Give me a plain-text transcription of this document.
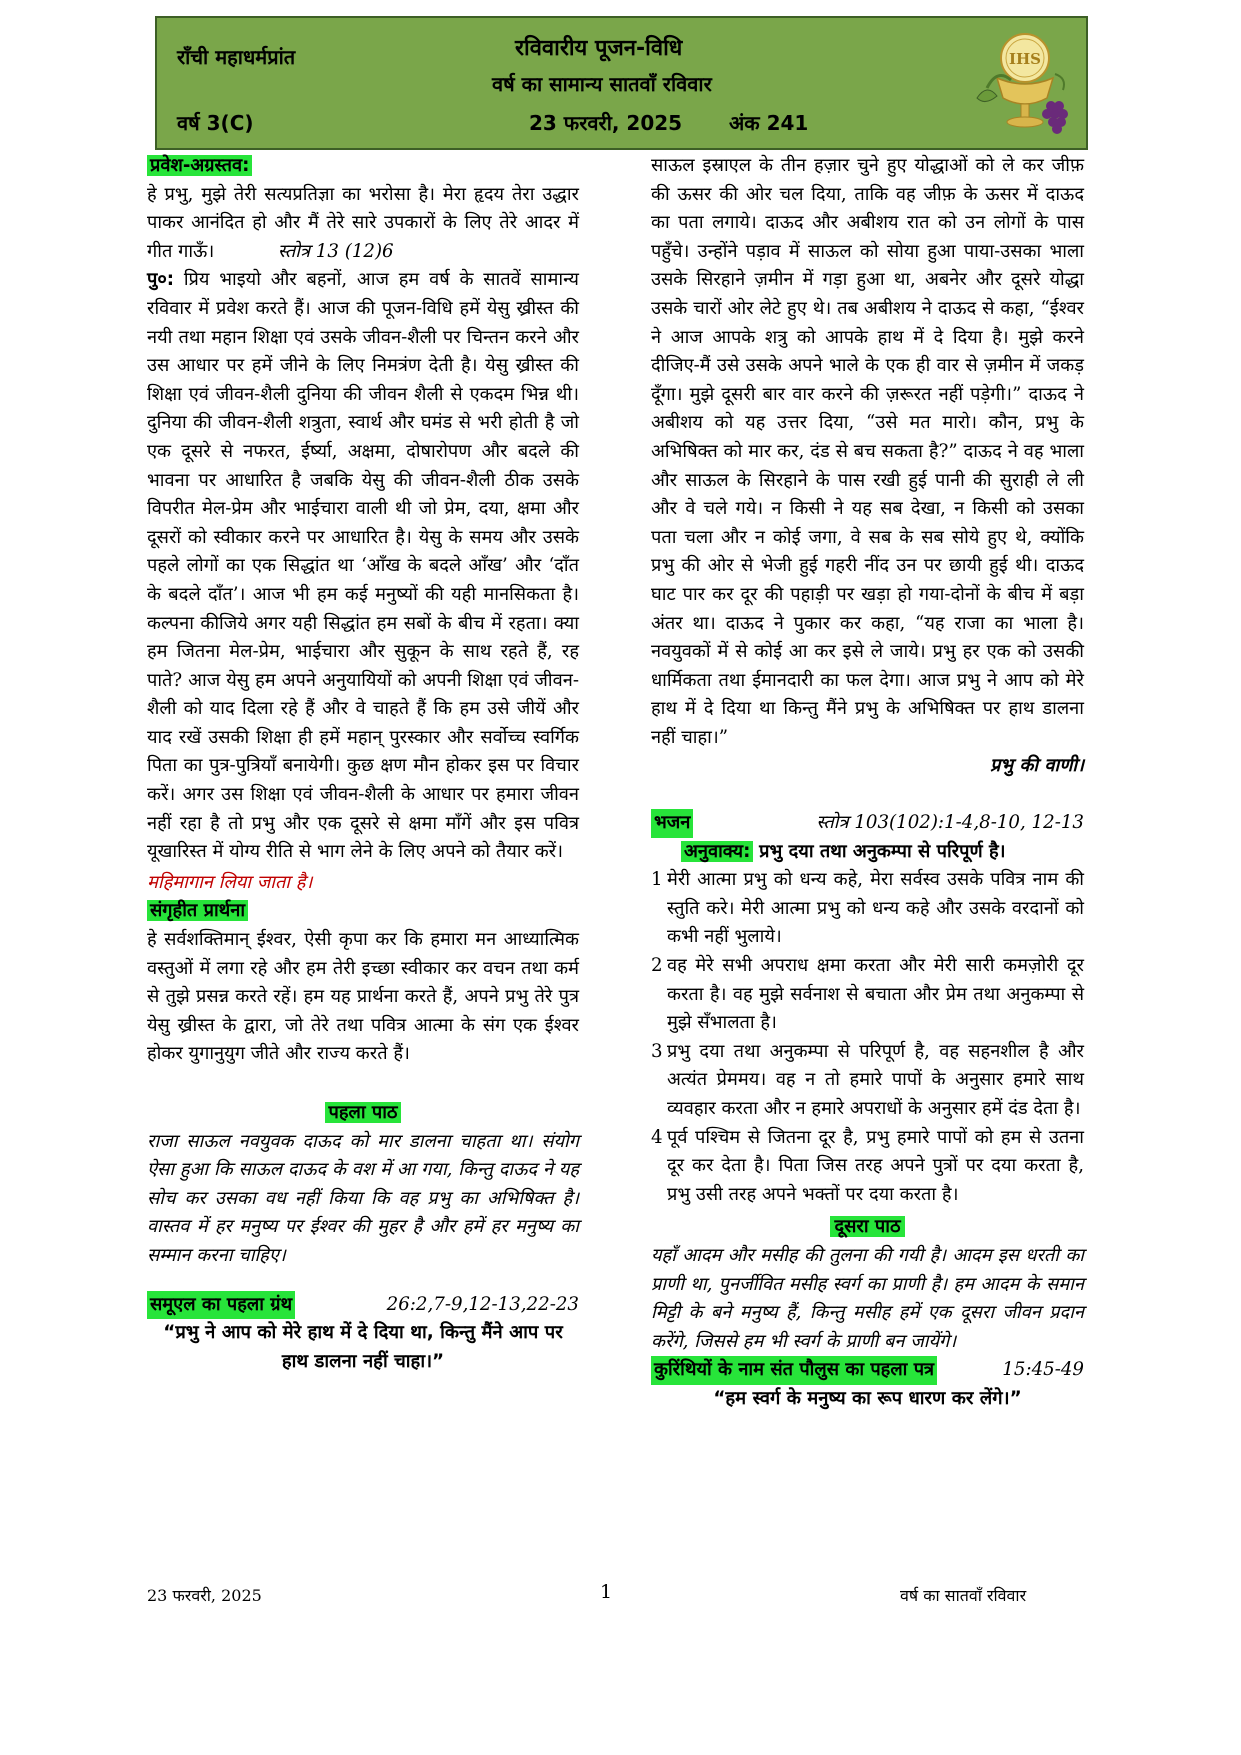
राँची महाधर्मप्रांत	रविवारीय पूजन-विधि
वर्ष का सामान्य सातवाँ रविवार
वर्ष 3(C)	23 फरवरी, 2025 अंक 241
IHS
प्रवेश-अग्रस्तव:

हे प्रभु, मुझे तेरी सत्यप्रतिज्ञा का भरोसा है। मेरा हृदय तेरा उद्धार पाकर आनंदित हो और मैं तेरे सारे उपकारों के लिए तेरे आदर में गीत गाऊँ।	स्तोत्र 13 (12)6

पु०: प्रिय भाइयो और बहनों, आज हम वर्ष के सातवें सामान्य रविवार में प्रवेश करते हैं। आज की पूजन-विधि हमें येसु ख्रीस्त की नयी तथा महान शिक्षा एवं उसके जीवन-शैली पर चिन्तन करने और उस आधार पर हमें जीने के लिए निमत्रंण देती है। येसु ख्रीस्त की शिक्षा एवं जीवन-शैली दुनिया की जीवन शैली से एकदम भिन्न थी। दुनिया की जीवन-शैली शत्रुता, स्वार्थ और घमंड से भरी होती है जो एक दूसरे से नफरत, ईर्ष्या, अक्षमा, दोषारोपण और बदले की भावना पर आधारित है जबकि येसु की जीवन-शैली ठीक उसके विपरीत मेल-प्रेम और भाईचारा वाली थी जो प्रेम, दया, क्षमा और दूसरों को स्वीकार करने पर आधारित है। येसु के समय और उसके पहले लोगों का एक सिद्धांत था ‘आँख के बदले आँख’ और ‘दाँत के बदले दाँत’। आज भी हम कई मनुष्यों की यही मानसिकता है। कल्पना कीजिये अगर यही सिद्धांत हम सबों के बीच में रहता। क्या हम जितना मेल-प्रेम, भाईचारा और सुकून के साथ रहते हैं, रह पाते? आज येसु हम अपने अनुयायियों को अपनी शिक्षा एवं जीवन-शैली को याद दिला रहे हैं और वे चाहते हैं कि हम उसे जीयें और याद रखें उसकी शिक्षा ही हमें महान् पुरस्कार और सर्वोच्च स्वर्गिक पिता का पुत्र-पुत्रियाँ बनायेगी। कुछ क्षण मौन होकर इस पर विचार करें। अगर उस शिक्षा एवं जीवन-शैली के आधार पर हमारा जीवन नहीं रहा है तो प्रभु और एक दूसरे से क्षमा माँगें और इस पवित्र यूखारिस्त में योग्य रीति से भाग लेने के लिए अपने को तैयार करें।

महिमागान लिया जाता है।
संगृहीत प्रार्थना

हे सर्वशक्तिमान् ईश्वर, ऐसी कृपा कर कि हमारा मन आध्यात्मिक वस्तुओं में लगा रहे और हम तेरी इच्छा स्वीकार कर वचन तथा कर्म से तुझे प्रसन्न करते रहें। हम यह प्रार्थना करते हैं, अपने प्रभु तेरे पुत्र येसु ख्रीस्त के द्वारा, जो तेरे तथा पवित्र आत्मा के संग एक ईश्वर होकर युगानुयुग जीते और राज्य करते हैं।

पहला पाठ

राजा साऊल नवयुवक दाऊद को मार डालना चाहता था। संयोग ऐसा हुआ कि साऊल दाऊद के वश में आ गया, किन्तु दाऊद ने यह सोच कर उसका वध नहीं किया कि वह प्रभु का अभिषिक्त है। वास्तव में हर मनुष्य पर ईश्वर की मुहर है और हमें हर मनुष्य का सम्मान करना चाहिए।

समूएल का पहला ग्रंथ	26:2,7-9,12-13,22-23
“प्रभु ने आप को मेरे हाथ में दे दिया था, किन्तु मैंने आप पर हाथ डालना नहीं चाहा।”

साऊल इस्राएल के तीन हज़ार चुने हुए योद्धाओं को ले कर जीफ़ की ऊसर की ओर चल दिया, ताकि वह जीफ़ के ऊसर में दाऊद का पता लगाये। दाऊद और अबीशय रात को उन लोगों के पास पहुँचे। उन्होंने पड़ाव में साऊल को सोया हुआ पाया-उसका भाला उसके सिरहाने ज़मीन में गड़ा हुआ था, अबनेर और दूसरे योद्धा उसके चारों ओर लेटे हुए थे। तब अबीशय ने दाऊद से कहा, “ईश्वर ने आज आपके शत्रु को आपके हाथ में दे दिया है। मुझे करने दीजिए-मैं उसे उसके अपने भाले के एक ही वार से ज़मीन में जकड़ दूँगा। मुझे दूसरी बार वार करने की ज़रूरत नहीं पड़ेगी।” दाऊद ने अबीशय को यह उत्तर दिया, “उसे मत मारो। कौन, प्रभु के अभिषिक्त को मार कर, दंड से बच सकता है?” दाऊद ने वह भाला और साऊल के सिरहाने के पास रखी हुई पानी की सुराही ले ली और वे चले गये। न किसी ने यह सब देखा, न किसी को उसका पता चला और न कोई जगा, वे सब के सब सोये हुए थे, क्योंकि प्रभु की ओर से भेजी हुई गहरी नींद उन पर छायी हुई थी। दाऊद घाट पार कर दूर की पहाड़ी पर खड़ा हो गया-दोनों के बीच में बड़ा अंतर था। दाऊद ने पुकार कर कहा, “यह राजा का भाला है। नवयुवकों में से कोई आ कर इसे ले जाये। प्रभु हर एक को उसकी धार्मिकता तथा ईमानदारी का फल देगा। आज प्रभु ने आप को मेरे हाथ में दे दिया था किन्तु मैंने प्रभु के अभिषिक्त पर हाथ डालना नहीं चाहा।”

प्रभु की वाणी।
भजन	स्तोत्र 103(102):1-4,8-10, 12-13
अनुवाक्य: प्रभु दया तथा अनुकम्पा से परिपूर्ण है।
1 मेरी आत्मा प्रभु को धन्य कहे, मेरा सर्वस्व उसके पवित्र नाम की स्तुति करे। मेरी आत्मा प्रभु को धन्य कहे और उसके वरदानों को कभी नहीं भुलाये।
2 वह मेरे सभी अपराध क्षमा करता और मेरी सारी कमज़ोरी दूर करता है। वह मुझे सर्वनाश से बचाता और प्रेम तथा अनुकम्पा से मुझे सँभालता है।
3 प्रभु दया तथा अनुकम्पा से परिपूर्ण है, वह सहनशील है और अत्यंत प्रेममय। वह न तो हमारे पापों के अनुसार हमारे साथ व्यवहार करता और न हमारे अपराधों के अनुसार हमें दंड देता है।
4 पूर्व पश्चिम से जितना दूर है, प्रभु हमारे पापों को हम से उतना दूर कर देता है। पिता जिस तरह अपने पुत्रों पर दया करता है, प्रभु उसी तरह अपने भक्तों पर दया करता है।
दूसरा पाठ

यहाँ आदम और मसीह की तुलना की गयी है। आदम इस धरती का प्राणी था, पुनर्जीवित मसीह स्वर्ग का प्राणी है। हम आदम के समान मिट्टी के बने मनुष्य हैं, किन्तु मसीह हमें एक दूसरा जीवन प्रदान करेंगे, जिससे हम भी स्वर्ग के प्राणी बन जायेंगे।

कुरिंथियों के नाम संत पौलुस का पहला पत्र	15:45-49
“हम स्वर्ग के मनुष्य का रूप धारण कर लेंगे।”
23 फरवरी, 2025	1	वर्ष का सातवाँ रविवार
